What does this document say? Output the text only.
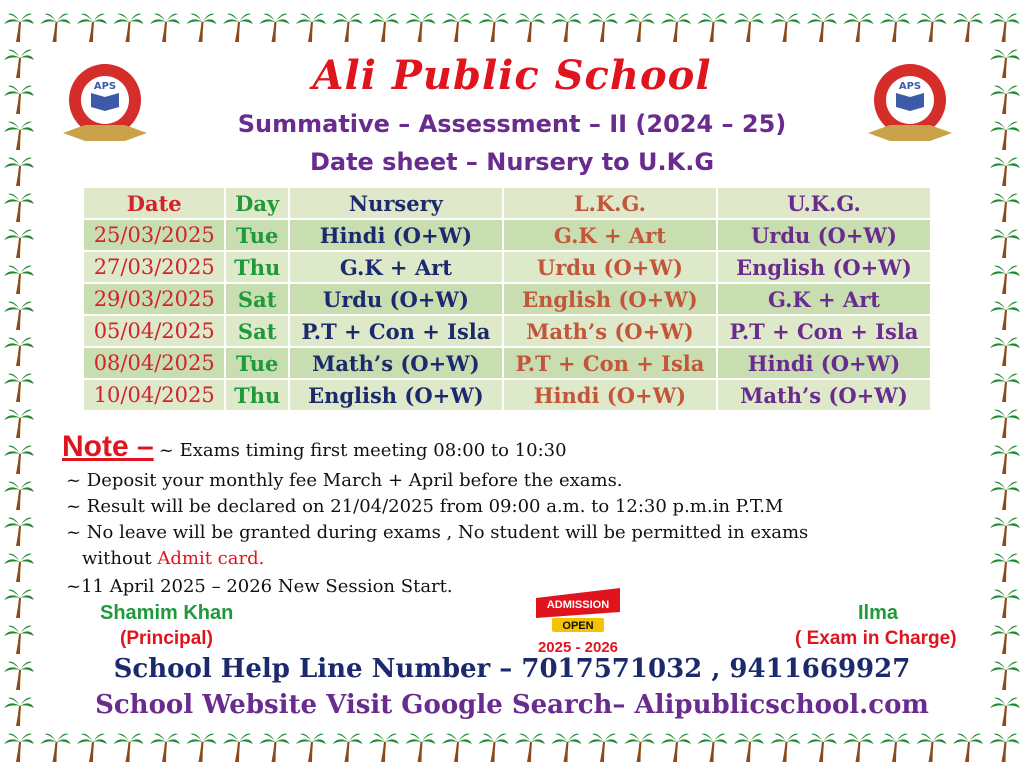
APS	APS
Ali Public School
Summative – Assessment – II (2024 – 25)
Date sheet – Nursery to U.K.G
Date	Day	Nursery	L.K.G.	U.K.G.
25/03/2025	Tue	Hindi (O+W)	G.K + Art	Urdu (O+W)
27/03/2025	Thu	G.K + Art	Urdu (O+W)	English (O+W)
29/03/2025	Sat	Urdu (O+W)	English (O+W)	G.K + Art
05/04/2025	Sat	P.T + Con + Isla	Math’s (O+W)	P.T + Con + Isla
08/04/2025	Tue	Math’s (O+W)	P.T + Con + Isla	Hindi (O+W)
10/04/2025	Thu	English (O+W)	Hindi (O+W)	Math’s (O+W)
Note – ~ Exams timing first meeting 08:00 to 10:30
~ Deposit your monthly fee March + April before the exams.
~ Result will be declared on 21/04/2025 from 09:00 a.m. to 12:30 p.m.in P.T.M
~ No leave will be granted during exams , No student will be permitted in exams
without Admit card.
~11 April 2025 – 2026 New Session Start.
Shamim Khan
(Principal)
Ilma
( Exam in Charge)
ADMISSION
OPEN
2025 - 2026
School Help Line Number – 7017571032 , 9411669927
School Website Visit Google Search– Alipublicschool.com
